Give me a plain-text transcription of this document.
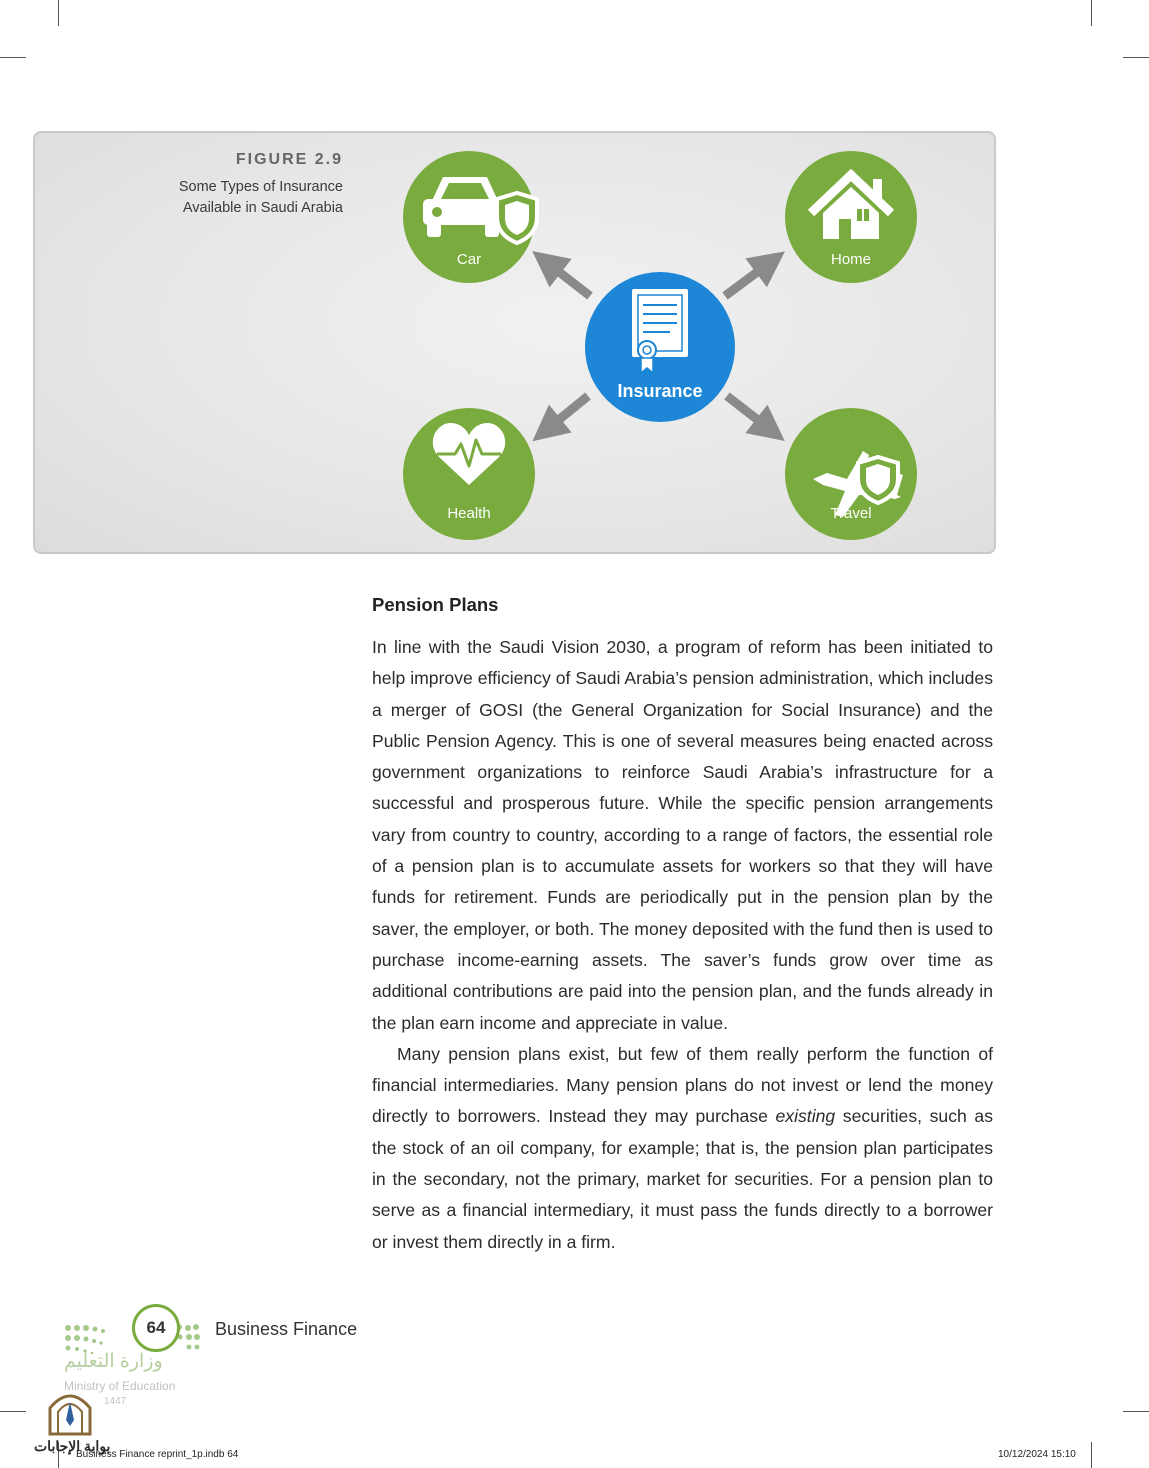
FIGURE 2.9
Some Types of Insurance
Available in Saudi Arabia
Insurance
Car	Home
Health	Travel
Pension Plans

In line with the Saudi Vision 2030, a program of reform has been initiated to help improve efficiency of Saudi Arabia’s pension administration, which includes a merger of GOSI (the General Organization for Social Insurance) and the Public Pension Agency. This is one of several measures being enacted across government organizations to reinforce Saudi Arabia’s infrastructure for a successful and prosperous future. While the specific pension arrangements vary from country to country, according to a range of factors, the essential role of a pension plan is to accumulate assets for workers so that they will have funds for retirement. Funds are periodically put in the pension plan by the saver, the employer, or both. The money deposited with the fund then is used to purchase income-earning assets. The saver’s funds grow over time as additional contributions are paid into the pension plan, and the funds already in the plan earn income and appreciate in value.

Many pension plans exist, but few of them really perform the function of financial intermediaries. Many pension plans do not invest or lend the money directly to borrowers. Instead they may purchase existing securities, such as the stock of an oil company, for example; that is, the pension plan participates in the secondary, not the primary, market for securities. For a pension plan to serve as a financial intermediary, it must pass the funds directly to a borrower or invest them directly in a firm.

64	Business Finance
وزارة التعليم
Ministry of Education
1447
بوابة الإجابات
Business Finance reprint_1p.indb 64	10/12/2024 15:10
